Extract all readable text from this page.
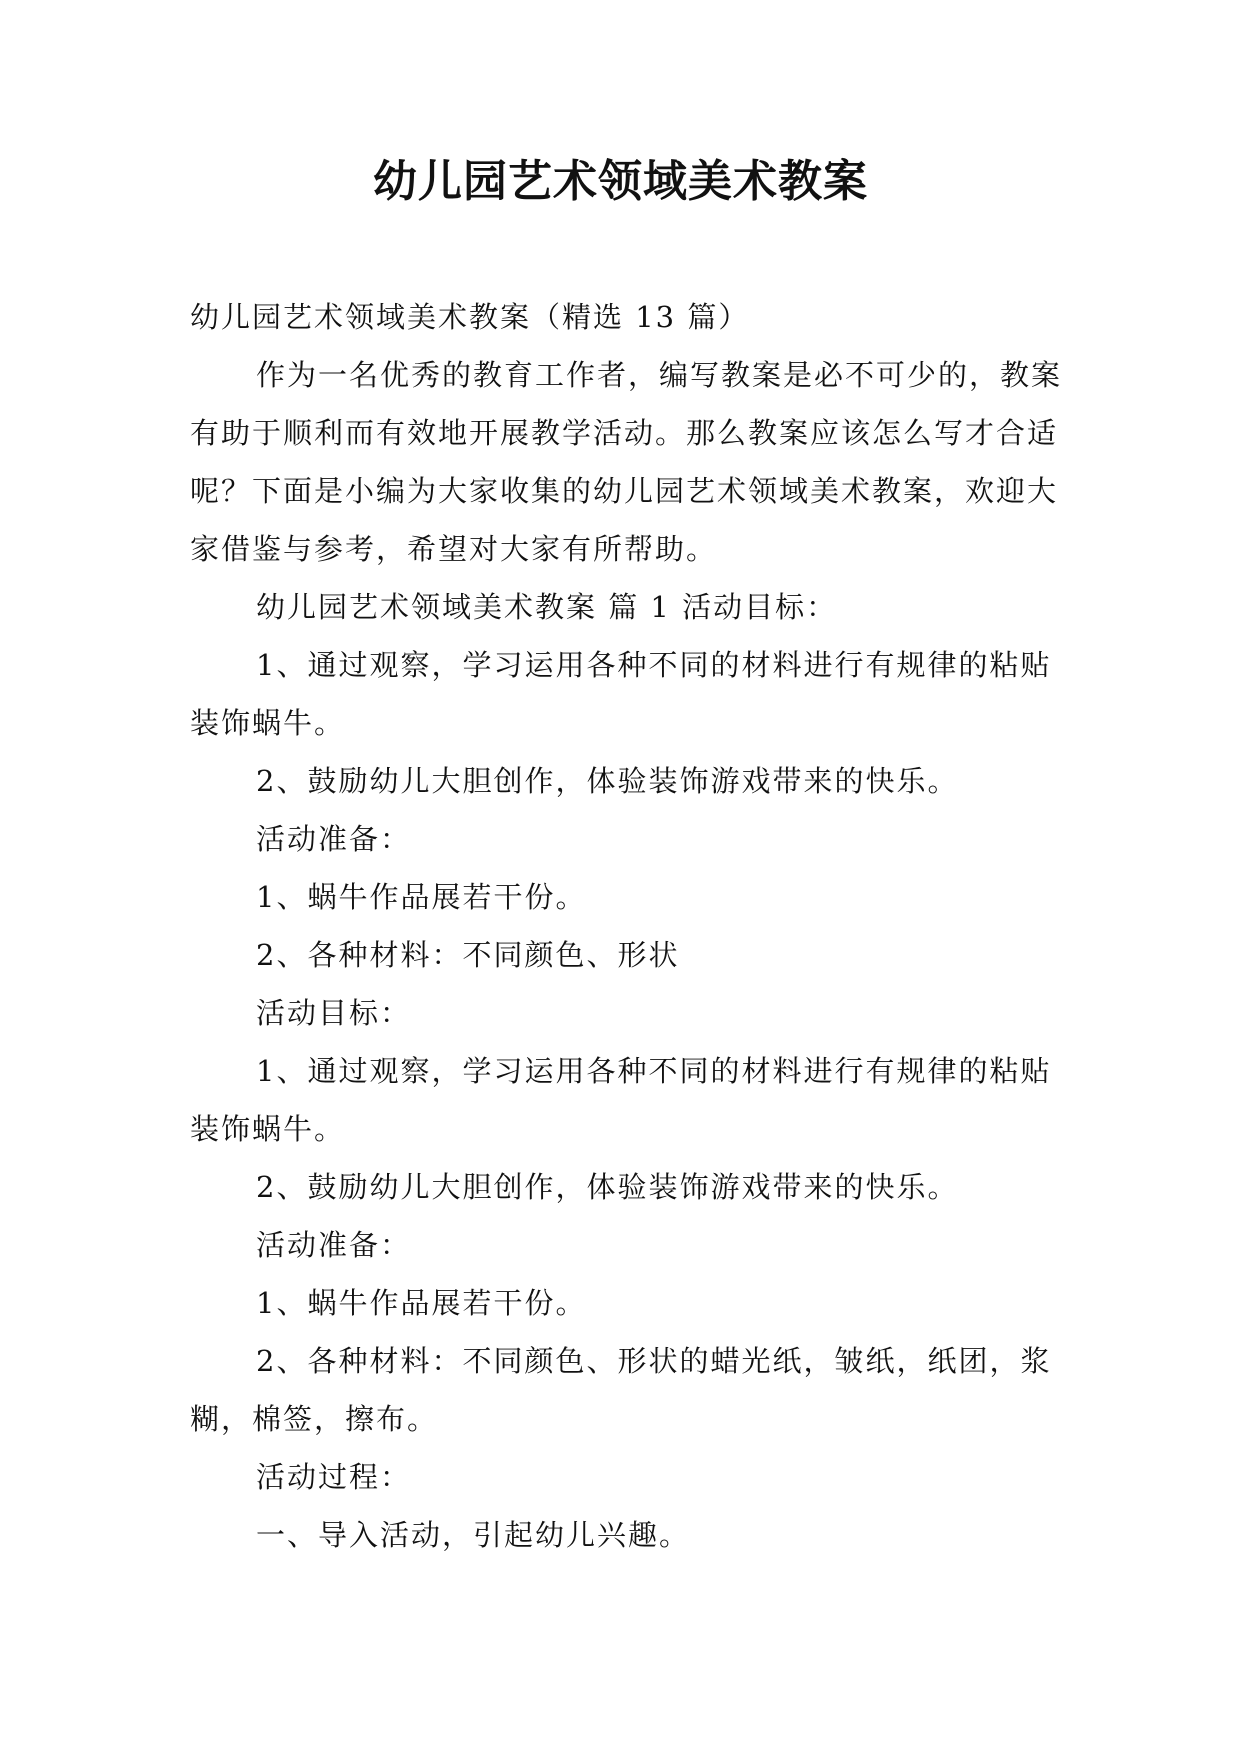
幼儿园艺术领域美术教案

幼儿园艺术领域美术教案（精选 13 篇）

作为一名优秀的教育工作者，编写教案是必不可少的，教案有助于顺利而有效地开展教学活动。那么教案应该怎么写才合适呢？下面是小编为大家收集的幼儿园艺术领域美术教案，欢迎大家借鉴与参考，希望对大家有所帮助。

幼儿园艺术领域美术教案 篇 1 活动目标：

1、通过观察，学习运用各种不同的材料进行有规律的粘贴装饰蜗牛。

2、鼓励幼儿大胆创作，体验装饰游戏带来的快乐。

活动准备：

1、蜗牛作品展若干份。

2、各种材料：不同颜色、形状

活动目标：

1、通过观察，学习运用各种不同的材料进行有规律的粘贴装饰蜗牛。

2、鼓励幼儿大胆创作，体验装饰游戏带来的快乐。

活动准备：

1、蜗牛作品展若干份。

2、各种材料：不同颜色、形状的蜡光纸，皱纸，纸团，浆糊，棉签，擦布。

活动过程：

一、导入活动，引起幼儿兴趣。
